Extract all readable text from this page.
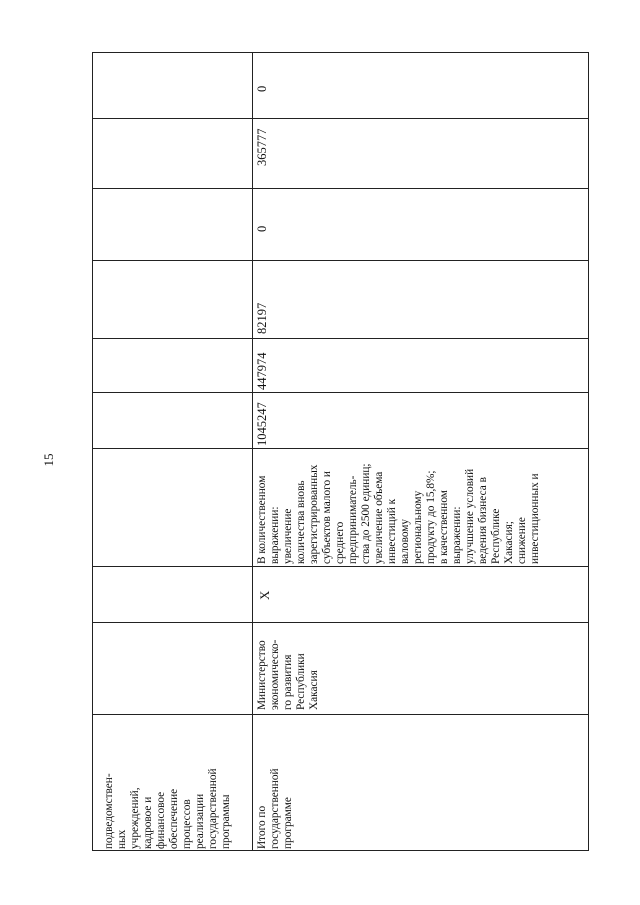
15
подведомствен-
ных
учреждений,
кадровое и
финансовое
обеспечение
процессов
реализации
государственной
программы Итого по
государственной
программе
Министерство
экономическо-
го развития
Республики
Хакасия
Х
В количественном
выражении:
увеличение
количества вновь
зарегистрированных
субъектов малого и
среднего
предприниматель-
ства до 2500 единиц;
увеличение объема
инвестиций к
валовому
региональному
продукту до 15,8%;
в качественном
выражении:
улучшение условий
ведения бизнеса в
Республике
Хакасия;
снижение
инвестиционных и
1045247
447974
82197
0
365777
0
